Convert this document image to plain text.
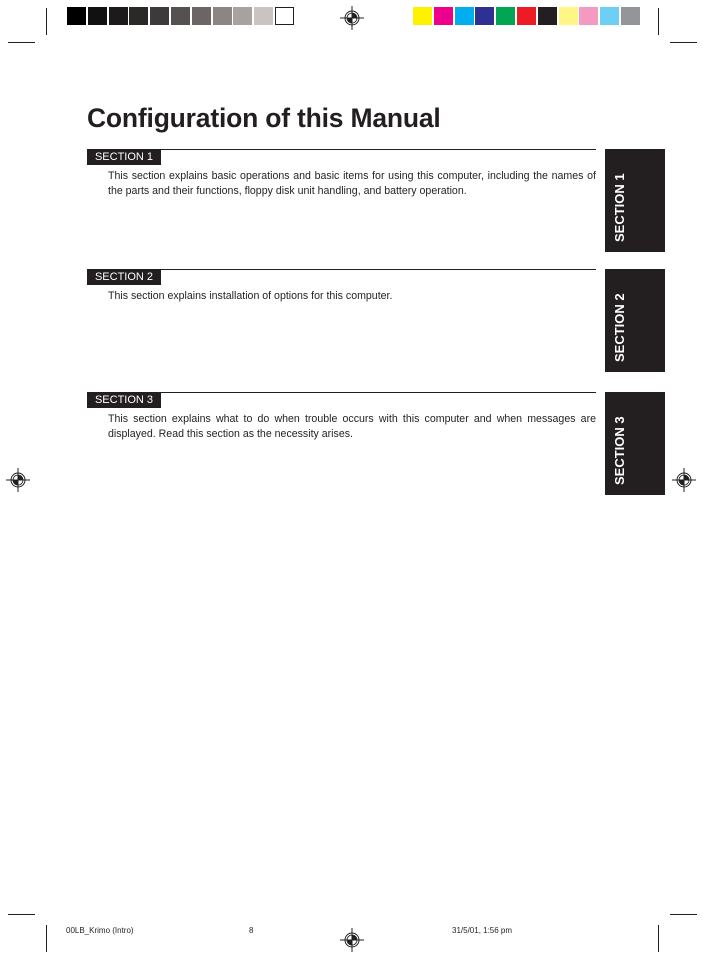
Configuration of this Manual
SECTION 1
This section explains basic operations and basic items for using this computer, including the names of the parts and their functions, floppy disk unit handling, and battery operation.
SECTION 2
This section explains installation of options for this computer.
SECTION 3
This section explains what to do when trouble occurs with this computer and when messages are displayed. Read this section as the necessity arises.
SECTION 1
SECTION 2
SECTION 3
00LB_Krimo (Intro)	8	31/5/01, 1:56 pm
